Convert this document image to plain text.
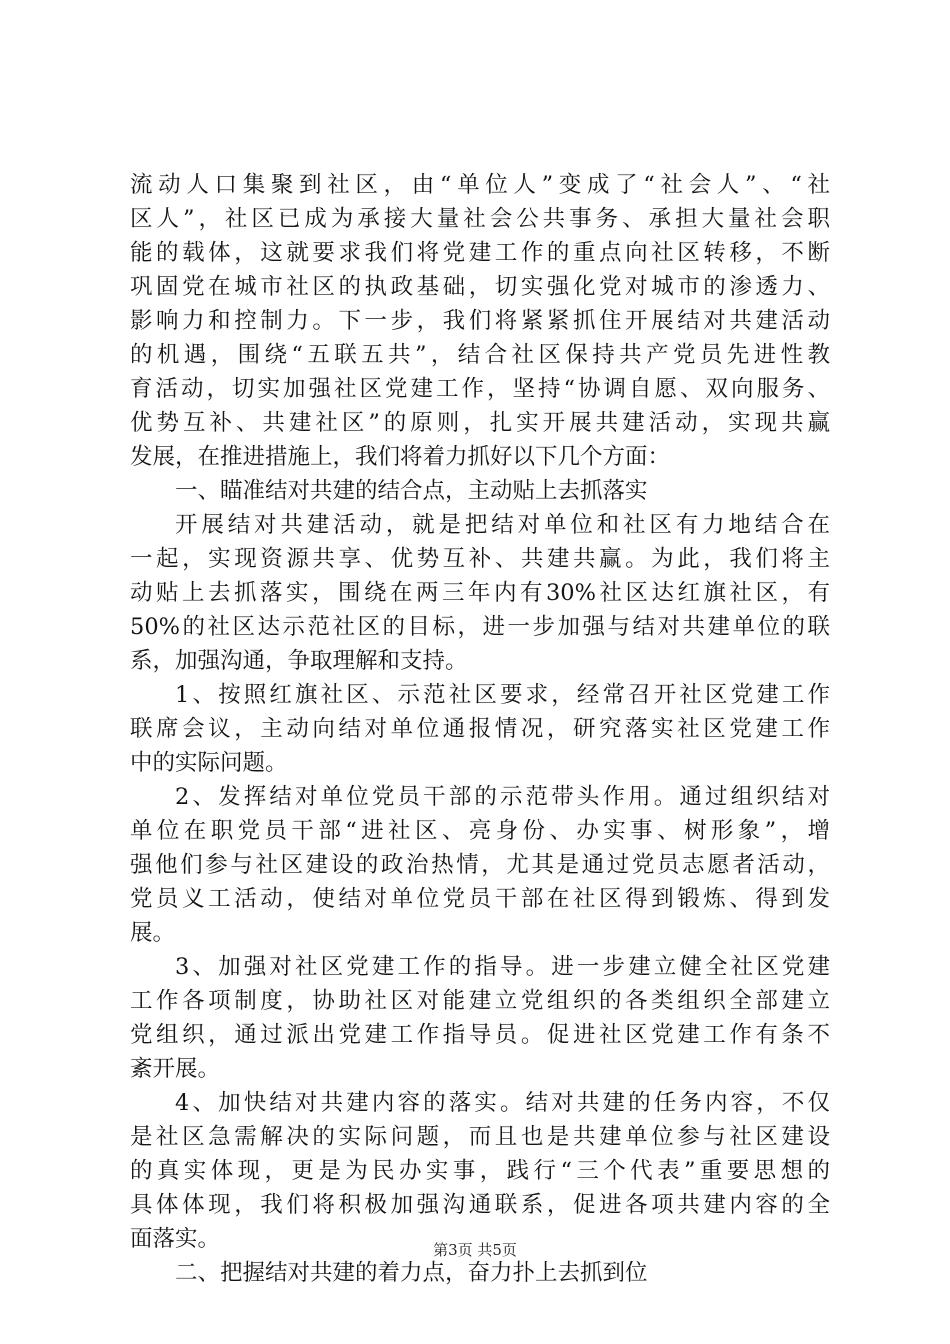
流动人口集聚到社区，由“单位人”变成了“社会人”、“社
区人”，社区已成为承接大量社会公共事务、承担大量社会职
能的载体，这就要求我们将党建工作的重点向社区转移，不断
巩固党在城市社区的执政基础，切实强化党对城市的渗透力、
影响力和控制力。下一步，我们将紧紧抓住开展结对共建活动
的机遇，围绕“五联五共”，结合社区保持共产党员先进性教
育活动，切实加强社区党建工作，坚持“协调自愿、双向服务、
优势互补、共建社区”的原则，扎实开展共建活动，实现共赢
发展，在推进措施上，我们将着力抓好以下几个方面：
一、瞄准结对共建的结合点，主动贴上去抓落实
开展结对共建活动，就是把结对单位和社区有力地结合在
一起，实现资源共享、优势互补、共建共赢。为此，我们将主
动贴上去抓落实，围绕在两三年内有30%社区达红旗社区，有
50%的社区达示范社区的目标，进一步加强与结对共建单位的联
系，加强沟通，争取理解和支持。
1、按照红旗社区、示范社区要求，经常召开社区党建工作
联席会议，主动向结对单位通报情况，研究落实社区党建工作
中的实际问题。
2、发挥结对单位党员干部的示范带头作用。通过组织结对
单位在职党员干部“进社区、亮身份、办实事、树形象”，增
强他们参与社区建设的政治热情，尤其是通过党员志愿者活动，
党员义工活动，使结对单位党员干部在社区得到锻炼、得到发
展。
3、加强对社区党建工作的指导。进一步建立健全社区党建
工作各项制度，协助社区对能建立党组织的各类组织全部建立
党组织，通过派出党建工作指导员。促进社区党建工作有条不
紊开展。
4、加快结对共建内容的落实。结对共建的任务内容，不仅
是社区急需解决的实际问题，而且也是共建单位参与社区建设
的真实体现，更是为民办实事，践行“三个代表”重要思想的
具体体现，我们将积极加强沟通联系，促进各项共建内容的全
面落实。
二、把握结对共建的着力点，奋力扑上去抓到位
第3页 共5页
